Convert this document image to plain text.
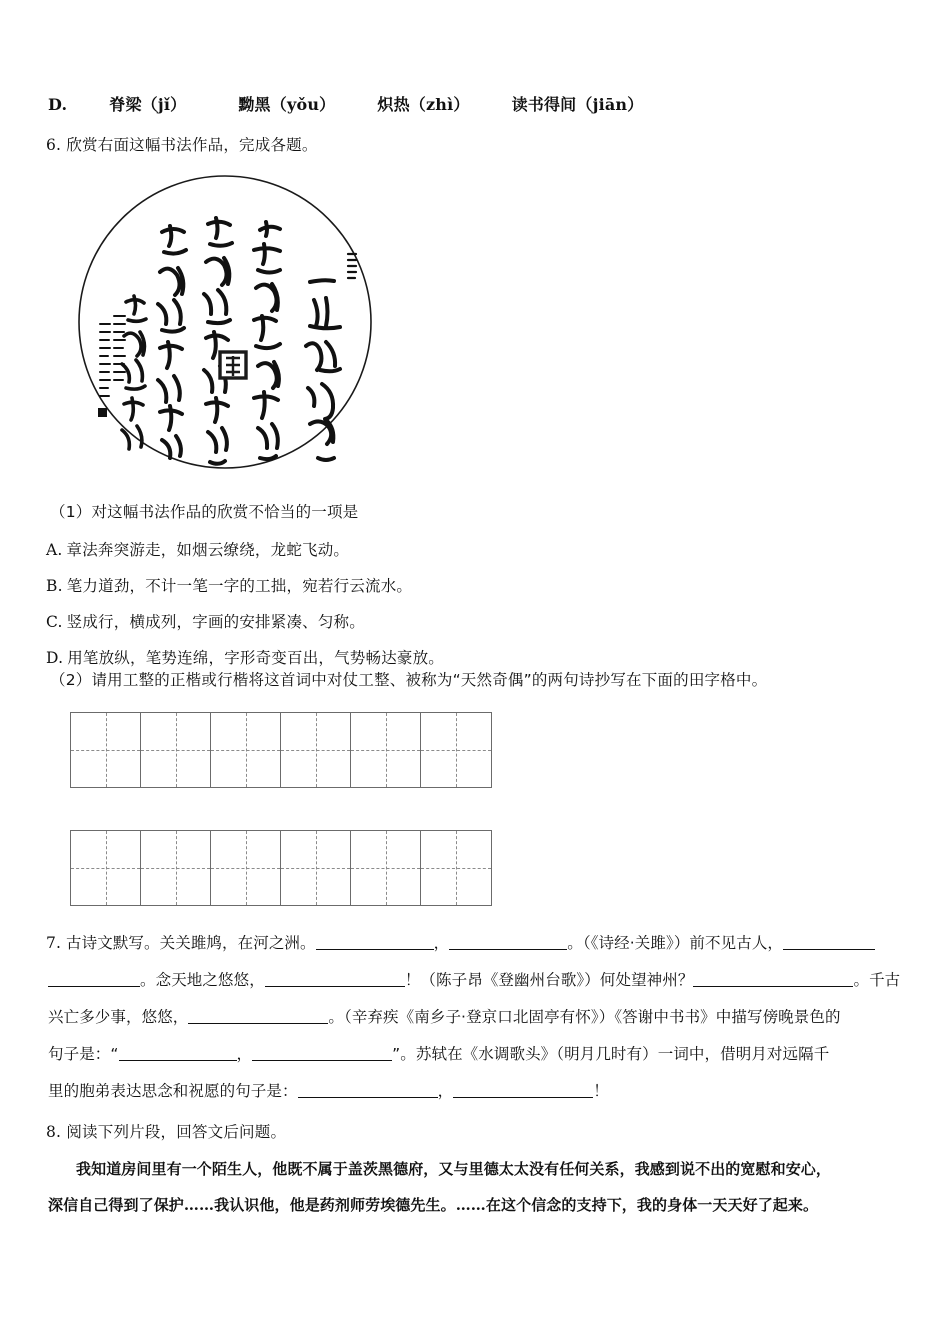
D.	脊梁（jǐ）	黝黑（yǒu）	炽热（zhì）	读书得间（jiān）
6. 欣赏右面这幅书法作品，完成各题。
（1）对这幅书法作品的欣赏不恰当的一项是
A. 章法奔突游走，如烟云缭绕，龙蛇飞动。
B. 笔力道劲，不计一笔一字的工拙，宛若行云流水。
C. 竖成行，横成列，字画的安排紧凑、匀称。
D. 用笔放纵，笔势连绵，字形奇变百出，气势畅达豪放。
（2）请用工整的正楷或行楷将这首词中对仗工整、被称为“天然奇偶”的两句诗抄写在下面的田字格中。
7. 古诗文默写。关关雎鸠，在河之洲。	，	。（《诗经·关雎》）前不见古人，
。念天地之悠悠，	！（陈子昂《登幽州台歌》）何处望神州？	。千古
兴亡多少事，悠悠，	。（辛弃疾《南乡子·登京口北固亭有怀》）《答谢中书书》中描写傍晚景色的
句子是：“	，	”。苏轼在《水调歌头》（明月几时有）一词中，借明月对远隔千
里的胞弟表达思念和祝愿的句子是：	，	！
8. 阅读下列片段，回答文后问题。
我知道房间里有一个陌生人，他既不属于盖茨黑德府，又与里德太太没有任何关系，我感到说不出的宽慰和安心，
深信自己得到了保护……我认识他，他是药剂师劳埃德先生。……在这个信念的支持下，我的身体一天天好了起来。
